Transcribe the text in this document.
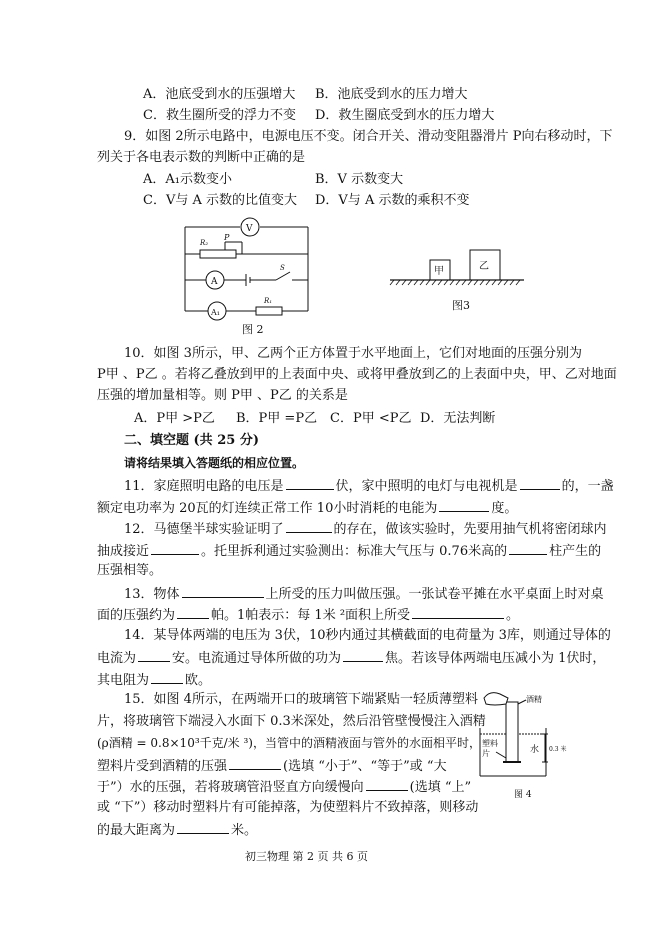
A．池底受到水的压强增大 B．池底受到水的压力增大
C．救生圈所受的浮力不变 D．救生圈底受到水的压力增大
9．如图 2所示电路中，电源电压不变。闭合开关、滑动变阻器滑片 P向右移动时，下
列关于各电表示数的判断中正确的是
A．A₁示数变小	B．V 示数变大
C．V与 A 示数的比值变大 D．V与 A 示数的乘积不变
V
A
A₁
R₂
P
S
R₁
图 2
甲	乙
图3
10．如图 3所示，甲、乙两个正方体置于水平地面上，它们对地面的压强分别为
P甲 、P乙 。若将乙叠放到甲的上表面中央、或将甲叠放到乙的上表面中央，甲、乙对地面
压强的增加量相等。则 P甲 、P乙 的关系是
A．P甲 >P乙 B．P甲 =P乙 C．P甲 <P乙 D．无法判断
二、填空题 (共 25 分)
请将结果填入答题纸的相应位置。
11．家庭照明电路的电压是	伏，家中照明的电灯与电视机是	的，一盏
额定电功率为 20瓦的灯连续正常工作 10小时消耗的电能为	度。
12．马德堡半球实验证明了	的存在，做该实验时，先要用抽气机将密闭球内
抽成接近	。托里拆利通过实验测出：标准大气压与 0.76米高的	柱产生的
压强相等。
13．物体	上所受的压力叫做压强。一张试卷平摊在水平桌面上时对桌
面的压强约为	帕。1帕表示：每 1米 ²面积上所受	。
14．某导体两端的电压为 3伏，10秒内通过其横截面的电荷量为 3库，则通过导体的
电流为	安。电流通过导体所做的功为	焦。若该导体两端电压减小为 1伏时，
其电阻为	欧。
15．如图 4所示，在两端开口的玻璃管下端紧贴一轻质薄塑料
片，将玻璃管下端浸入水面下 0.3米深处，然后沿管壁慢慢注入酒精
(ρ酒精 = 0.8×10³千克/米 ³)，当管中的酒精液面与管外的水面相平时，
塑料片受到酒精的压强	(选填 “小于”、“等于”或 “大
于”）水的压强，若将玻璃管沿竖直方向缓慢向	(选填 “上”
或 “下”）移动时塑料片有可能掉落，为使塑料片不致掉落，则移动
的最大距离为	米。
酒精
塑料
片	水 0.3 米
图 4
初三物理 第 2 页 共 6 页
